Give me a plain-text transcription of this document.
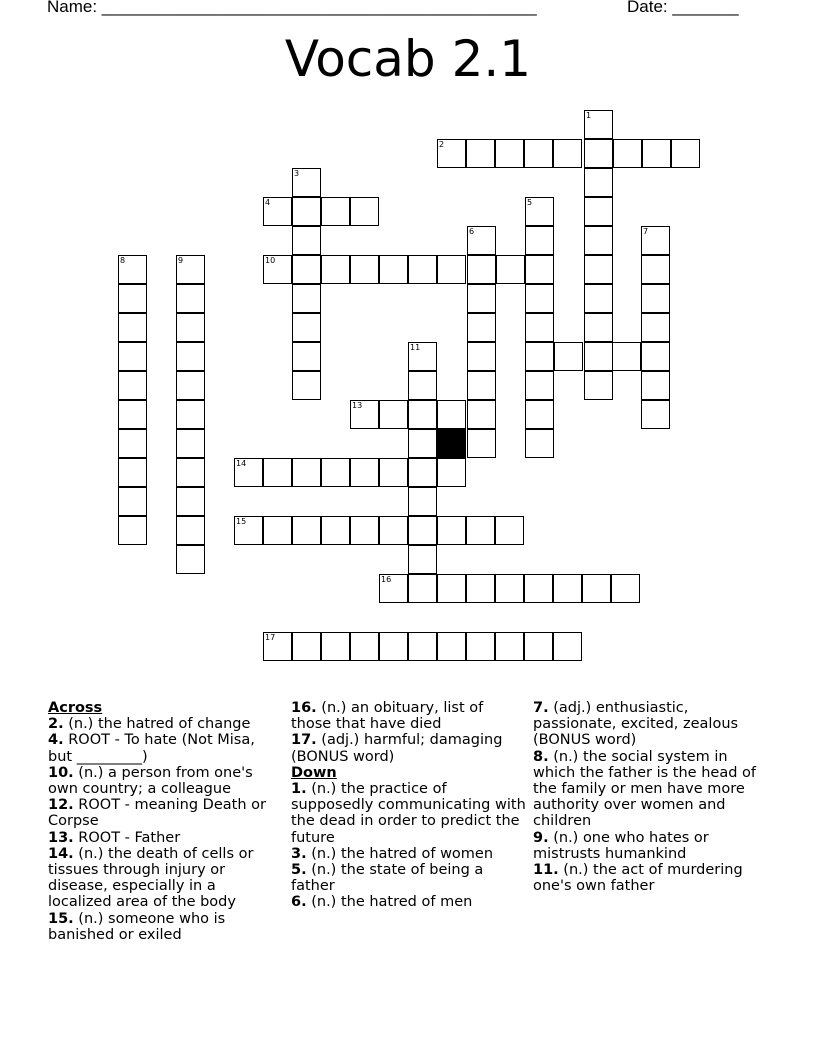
Name: ______________________________________________	Date: _______
Vocab 2.1
1
2
3
4	5
6	7
8	9	10
11
13
14
15
16
17
Across
2. (n.) the hatred of change
4. ROOT - To hate (Not Misa, but _________)
10. (n.) a person from one's own country; a colleague
12. ROOT - meaning Death or Corpse
13. ROOT - Father
14. (n.) the death of cells or tissues through injury or disease, especially in a localized area of the body
15. (n.) someone who is banished or exiled
16. (n.) an obituary, list of those that have died
17. (adj.) harmful; damaging (BONUS word)
Down
1. (n.) the practice of supposedly communicating with the dead in order to predict the future
3. (n.) the hatred of women
5. (n.) the state of being a father
6. (n.) the hatred of men
7. (adj.) enthusiastic, passionate, excited, zealous (BONUS word)
8. (n.) the social system in which the father is the head of the family or men have more authority over women and children
9. (n.) one who hates or mistrusts humankind
11. (n.) the act of murdering one's own father
